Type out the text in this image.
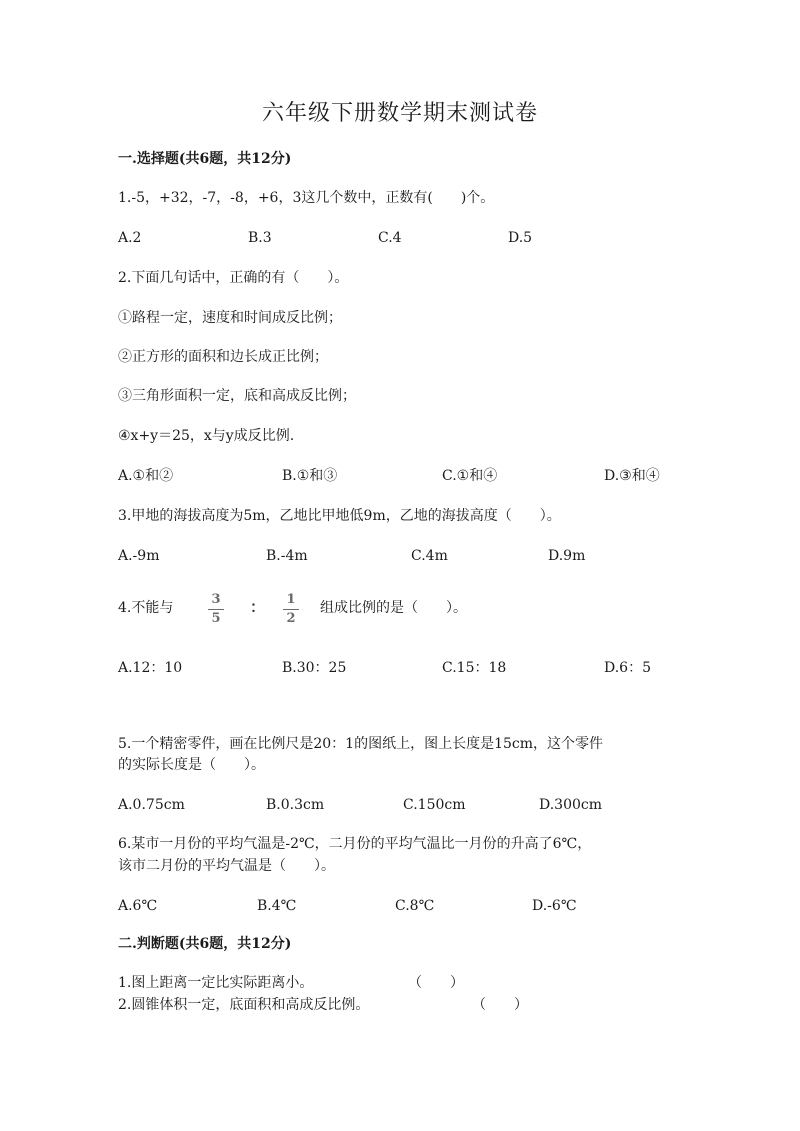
六年级下册数学期末测试卷
一.选择题(共6题，共12分)
1.-5，+32，-7，-8，+6，3这几个数中，正数有(　　)个。
A.2	B.3	C.4	D.5
2.下面几句话中，正确的有（　　）。
①路程一定，速度和时间成反比例；
②正方形的面积和边长成正比例；
③三角形面积一定，底和高成反比例；
④x+y＝25，x与y成反比例.
A.①和②	B.①和③	C.①和④	D.③和④
3.甲地的海拔高度为5m，乙地比甲地低9m，乙地的海拔高度（　　）。
A.-9m	B.-4m	C.4m	D.9m
4.不能与
3
5
：	1
2
组成比例的是（　　）。
A.12：10	B.30：25	C.15：18	D.6：5
5.一个精密零件，画在比例尺是20：1的图纸上，图上长度是15cm，这个零件
的实际长度是（　　）。
A.0.75cm	B.0.3cm	C.150cm	D.300cm
6.某市一月份的平均气温是-2℃，二月份的平均气温比一月份的升高了6℃，
该市二月份的平均气温是（　　）。
A.6℃	B.4℃	C.8℃	D.-6℃
二.判断题(共6题，共12分)
1.图上距离一定比实际距离小。	（　　）
2.圆锥体积一定，底面积和高成反比例。	（　　）
